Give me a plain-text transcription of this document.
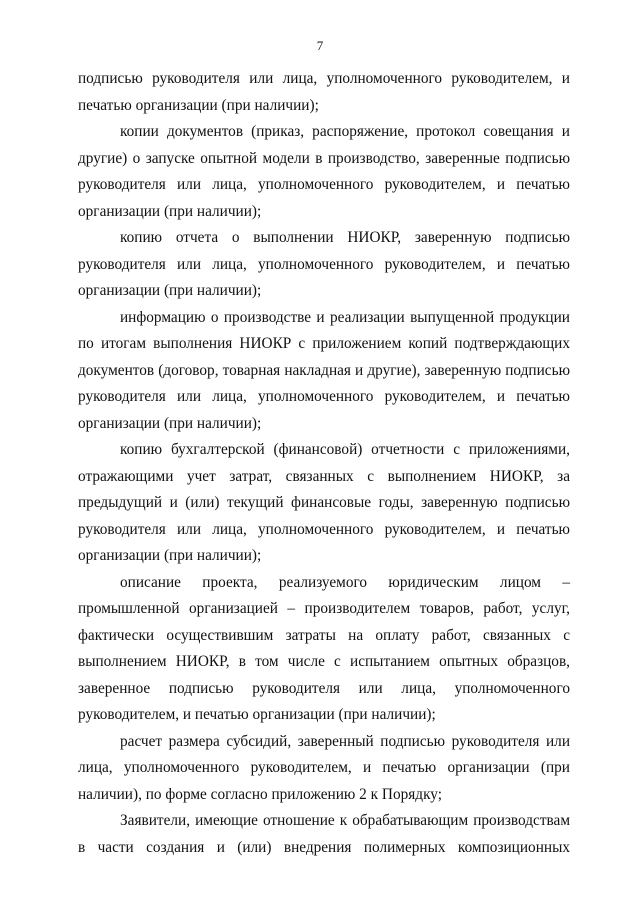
7

подписью руководителя или лица, уполномоченного руководителем, и печатью организации (при наличии);

копии документов (приказ, распоряжение, протокол совещания и другие) о запуске опытной модели в производство, заверенные подписью руководителя или лица, уполномоченного руководителем, и печатью организации (при наличии);

копию отчета о выполнении НИОКР, заверенную подписью руководителя или лица, уполномоченного руководителем, и печатью организации (при наличии);

информацию о производстве и реализации выпущенной продукции по итогам выполнения НИОКР с приложением копий подтверждающих документов (договор, товарная накладная и другие), заверенную подписью руководителя или лица, уполномоченного руководителем, и печатью организации (при наличии);

копию бухгалтерской (финансовой) отчетности с приложениями, отражающими учет затрат, связанных с выполнением НИОКР, за предыдущий и (или) текущий финансовые годы, заверенную подписью руководителя или лица, уполномоченного руководителем, и печатью организации (при наличии);

описание проекта, реализуемого юридическим лицом – промышленной организацией – производителем товаров, работ, услуг, фактически осуществившим затраты на оплату работ, связанных с выполнением НИОКР, в том числе с испытанием опытных образцов, заверенное подписью руководителя или лица, уполномоченного руководителем, и печатью организации (при наличии);

расчет размера субсидий, заверенный подписью руководителя или лица, уполномоченного руководителем, и печатью организации (при наличии), по форме согласно приложению 2 к Порядку;

Заявители, имеющие отношение к обрабатывающим производствам в части создания и (или) внедрения полимерных композиционных
